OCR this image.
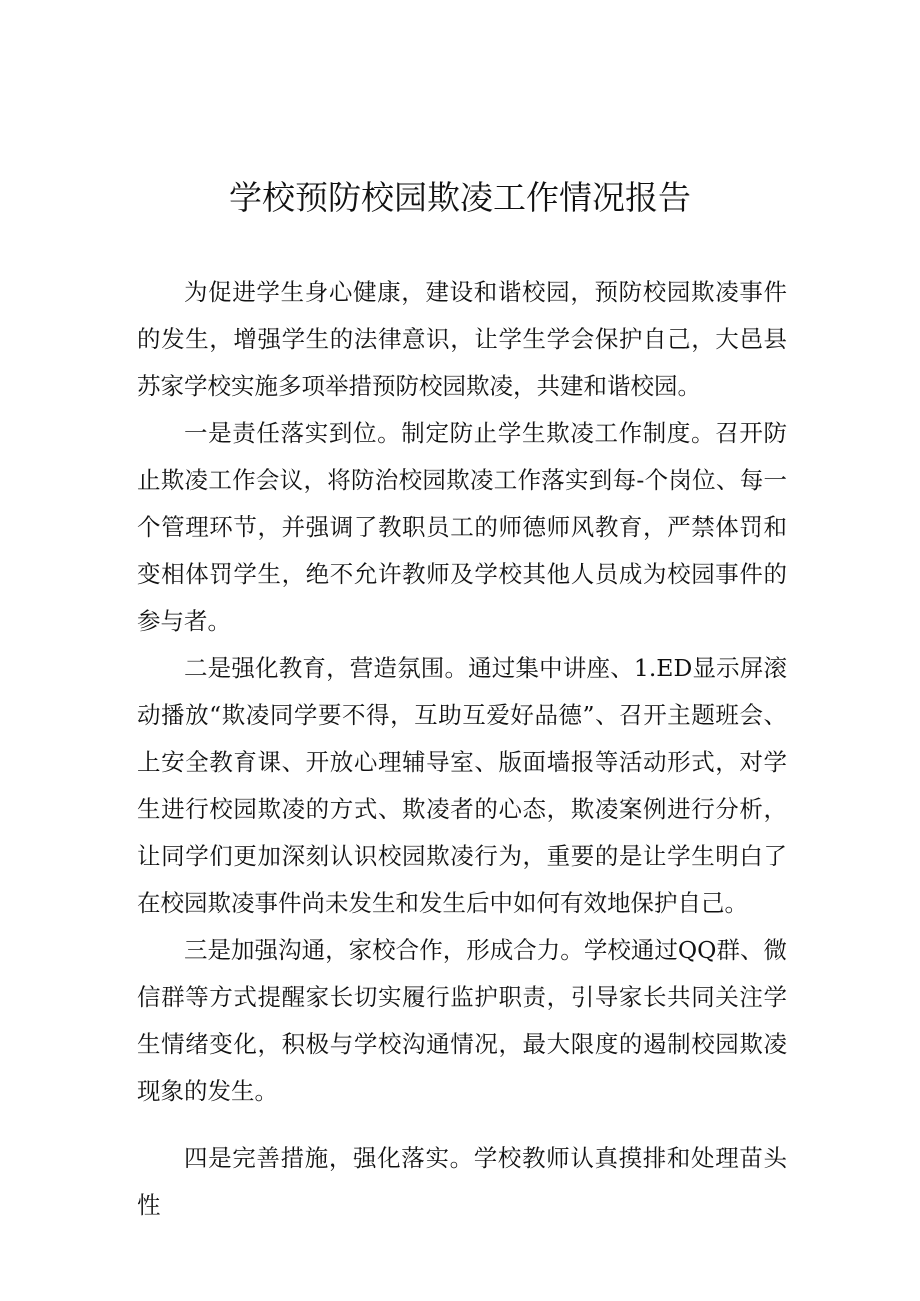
学校预防校园欺凌工作情况报告

为促进学生身心健康，建设和谐校园，预防校园欺凌事件的发生，增强学生的法律意识，让学生学会保护自己，大邑县苏家学校实施多项举措预防校园欺凌，共建和谐校园。

一是责任落实到位。制定防止学生欺凌工作制度。召开防止欺凌工作会议，将防治校园欺凌工作落实到每-个岗位、每一个管理环节，并强调了教职员工的师德师风教育，严禁体罚和变相体罚学生，绝不允许教师及学校其他人员成为校园事件的参与者。

二是强化教育，营造氛围。通过集中讲座、1.ED显示屏滚动播放“欺凌同学要不得，互助互爱好品德”、召开主题班会、上安全教育课、开放心理辅导室、版面墙报等活动形式，对学生进行校园欺凌的方式、欺凌者的心态，欺凌案例进行分析，让同学们更加深刻认识校园欺凌行为，重要的是让学生明白了在校园欺凌事件尚未发生和发生后中如何有效地保护自己。

三是加强沟通，家校合作，形成合力。学校通过QQ群、微信群等方式提醒家长切实履行监护职责，引导家长共同关注学生情绪变化，积极与学校沟通情况，最大限度的遏制校园欺凌现象的发生。

四是完善措施，强化落实。学校教师认真摸排和处理苗头性
